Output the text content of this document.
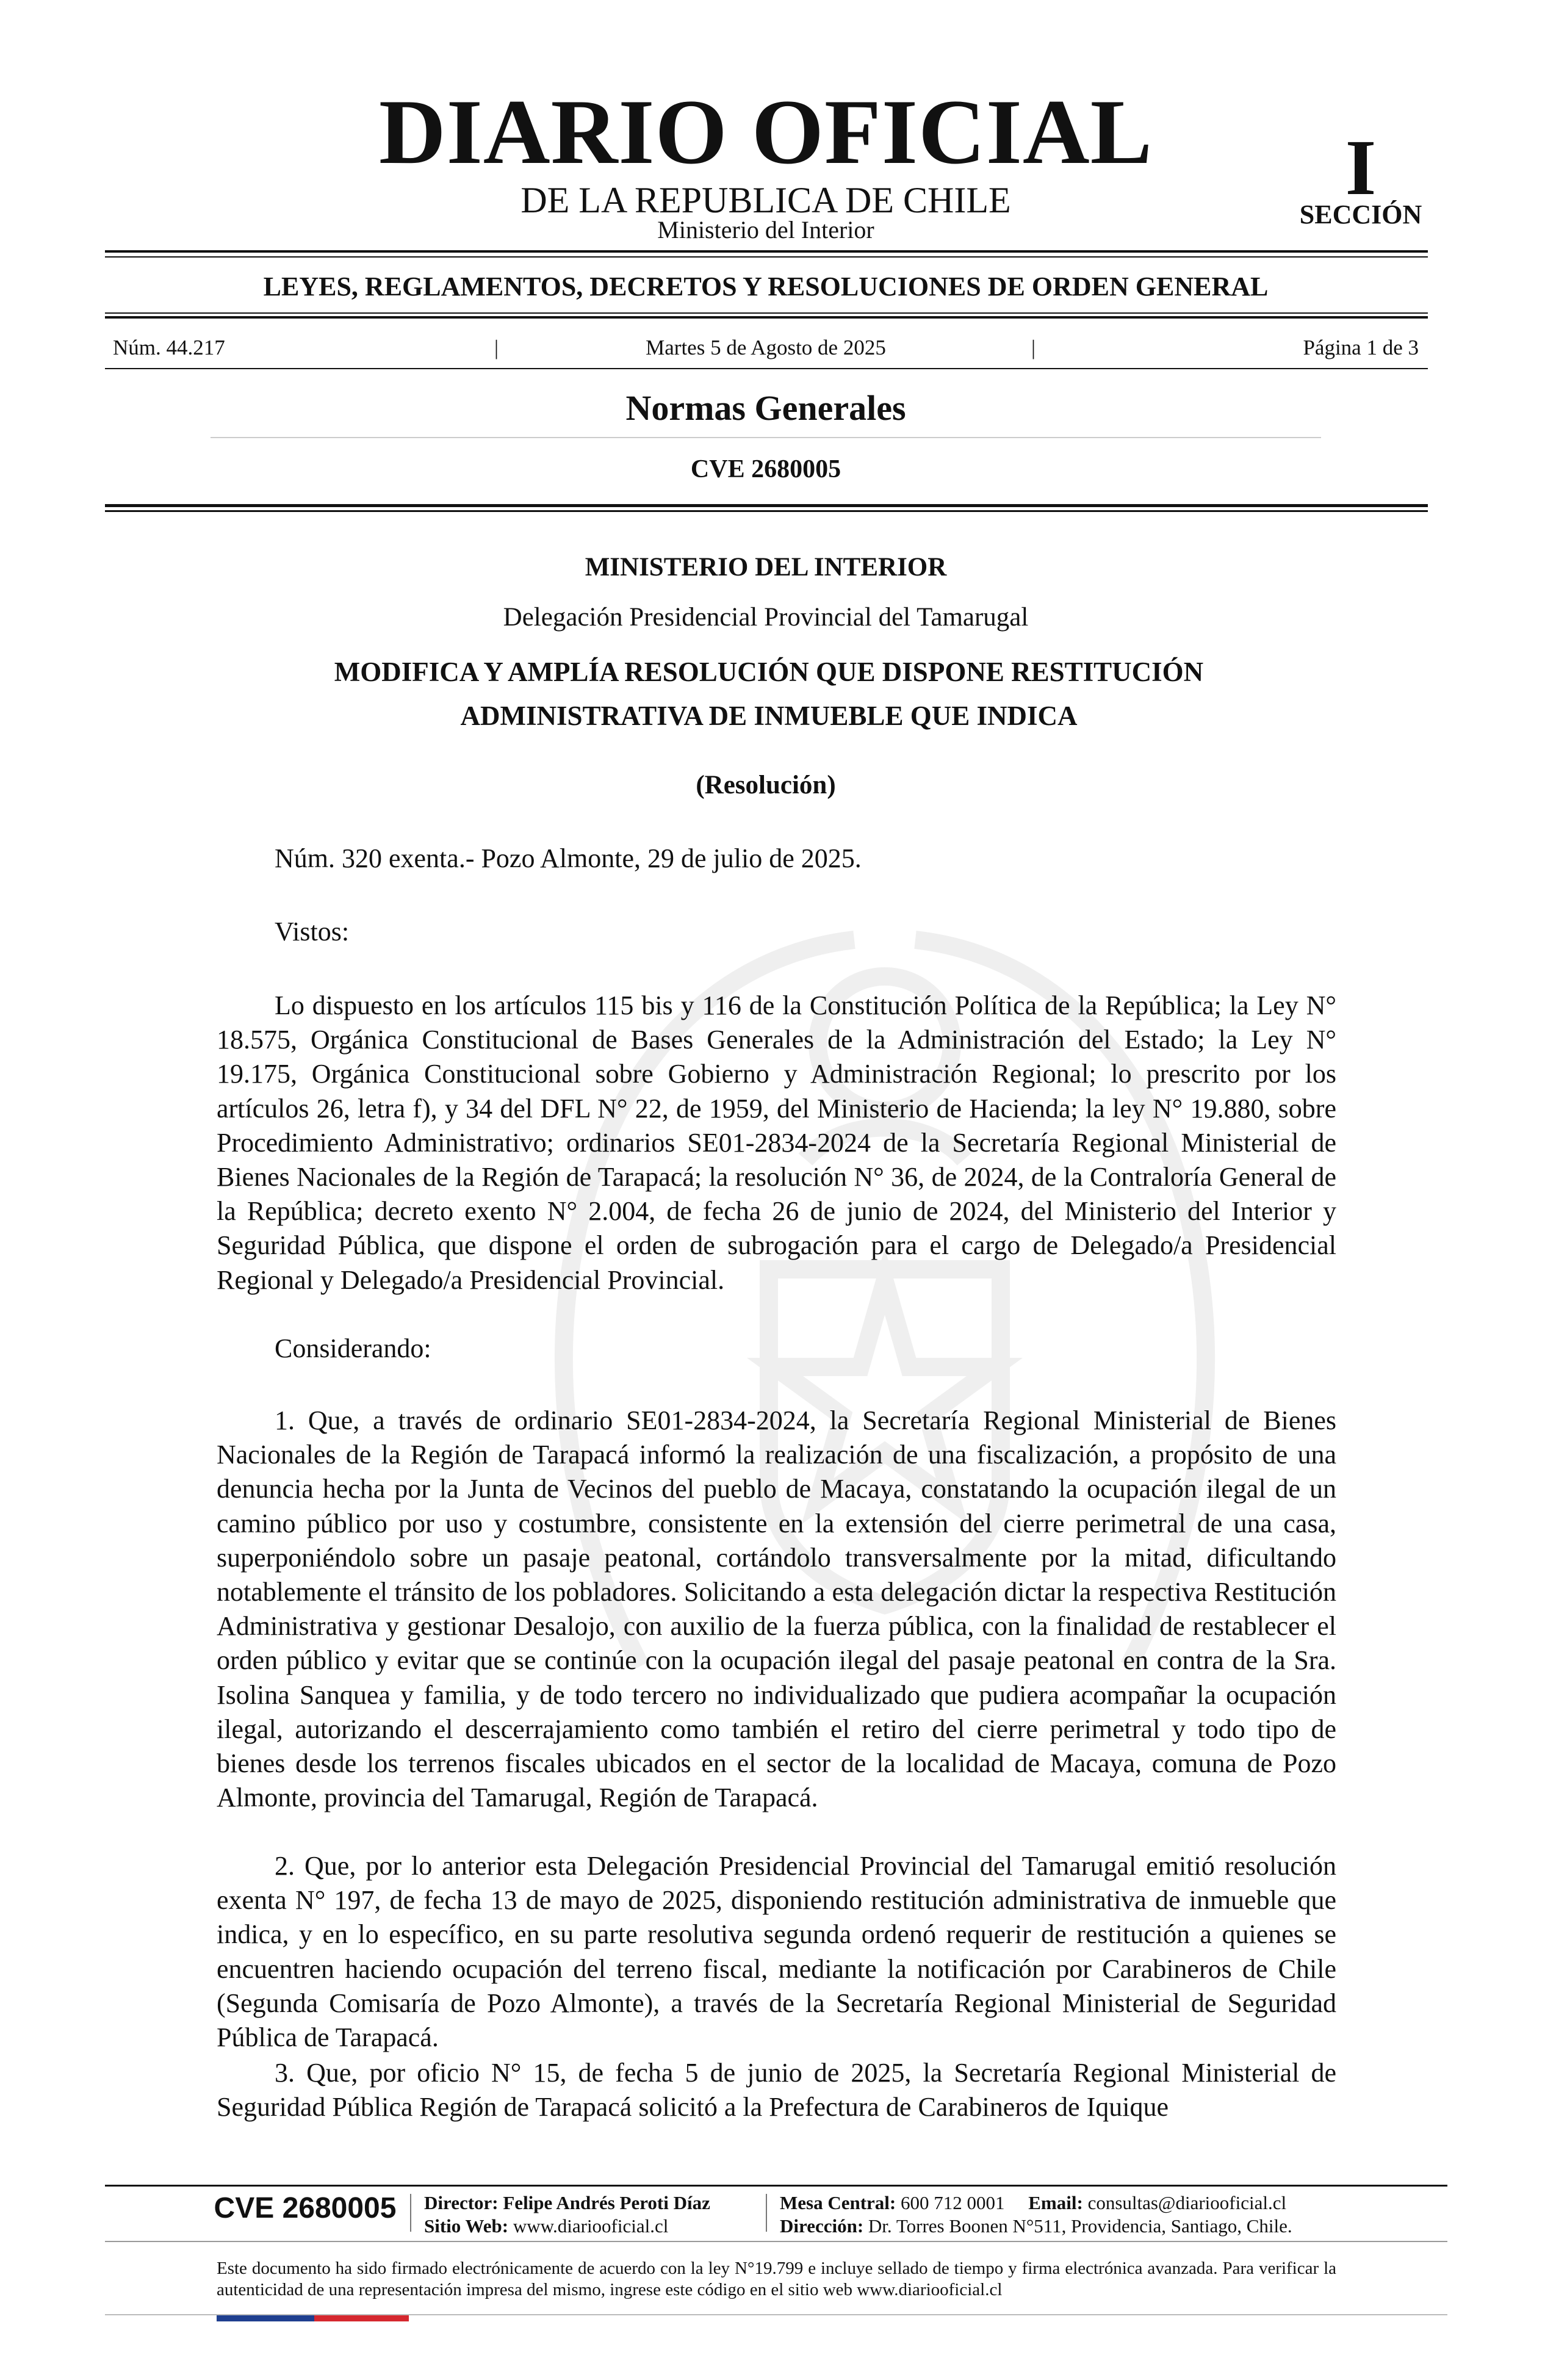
DIARIO OFICIAL
DE LA REPUBLICA DE CHILE
Ministerio del Interior
I
SECCIÓN
LEYES, REGLAMENTOS, DECRETOS Y RESOLUCIONES DE ORDEN GENERAL
Núm. 44.217	|	Martes 5 de Agosto de 2025	|	Página 1 de 3
Normas Generales
CVE 2680005
MINISTERIO DEL INTERIOR
Delegación Presidencial Provincial del Tamarugal
MODIFICA Y AMPLÍA RESOLUCIÓN QUE DISPONE RESTITUCIÓN
ADMINISTRATIVA DE INMUEBLE QUE INDICA
(Resolución)
Núm. 320 exenta.- Pozo Almonte, 29 de julio de 2025.
Vistos:
Lo dispuesto en los artículos 115 bis y 116 de la Constitución Política de la República; la Ley N° 18.575, Orgánica Constitucional de Bases Generales de la Administración del Estado; la Ley N° 19.175, Orgánica Constitucional sobre Gobierno y Administración Regional; lo prescrito por los artículos 26, letra f), y 34 del DFL N° 22, de 1959, del Ministerio de Hacienda; la ley N° 19.880, sobre Procedimiento Administrativo; ordinarios SE01-2834-2024 de la Secretaría Regional Ministerial de Bienes Nacionales de la Región de Tarapacá; la resolución N° 36, de 2024, de la Contraloría General de la República; decreto exento N° 2.004, de fecha 26 de junio de 2024, del Ministerio del Interior y Seguridad Pública, que dispone el orden de subrogación para el cargo de Delegado/a Presidencial Regional y Delegado/a Presidencial Provincial.
Considerando:
1. Que, a través de ordinario SE01-2834-2024, la Secretaría Regional Ministerial de Bienes Nacionales de la Región de Tarapacá informó la realización de una fiscalización, a propósito de una denuncia hecha por la Junta de Vecinos del pueblo de Macaya, constatando la ocupación ilegal de un camino público por uso y costumbre, consistente en la extensión del cierre perimetral de una casa, superponiéndolo sobre un pasaje peatonal, cortándolo transversalmente por la mitad, dificultando notablemente el tránsito de los pobladores. Solicitando a esta delegación dictar la respectiva Restitución Administrativa y gestionar Desalojo, con auxilio de la fuerza pública, con la finalidad de restablecer el orden público y evitar que se continúe con la ocupación ilegal del pasaje peatonal en contra de la Sra. Isolina Sanquea y familia, y de todo tercero no individualizado que pudiera acompañar la ocupación ilegal, autorizando el descerrajamiento como también el retiro del cierre perimetral y todo tipo de bienes desde los terrenos fiscales ubicados en el sector de la localidad de Macaya, comuna de Pozo Almonte, provincia del Tamarugal, Región de Tarapacá.
2. Que, por lo anterior esta Delegación Presidencial Provincial del Tamarugal emitió resolución exenta N° 197, de fecha 13 de mayo de 2025, disponiendo restitución administrativa de inmueble que indica, y en lo específico, en su parte resolutiva segunda ordenó requerir de restitución a quienes se encuentren haciendo ocupación del terreno fiscal, mediante la notificación por Carabineros de Chile (Segunda Comisaría de Pozo Almonte), a través de la Secretaría Regional Ministerial de Seguridad Pública de Tarapacá.
3. Que, por oficio N° 15, de fecha 5 de junio de 2025, la Secretaría Regional Ministerial de Seguridad Pública Región de Tarapacá solicitó a la Prefectura de Carabineros de Iquique
CVE 2680005	Director: Felipe Andrés Peroti Díaz
Sitio Web: www.diariooficial.cl
Mesa Central: 600 712 0001 Email: consultas@diariooficial.cl
Dirección: Dr. Torres Boonen N°511, Providencia, Santiago, Chile.
Este documento ha sido firmado electrónicamente de acuerdo con la ley N°19.799 e incluye sellado de tiempo y firma electrónica avanzada. Para verificar la autenticidad de una representación impresa del mismo, ingrese este código en el sitio web www.diariooficial.cl
